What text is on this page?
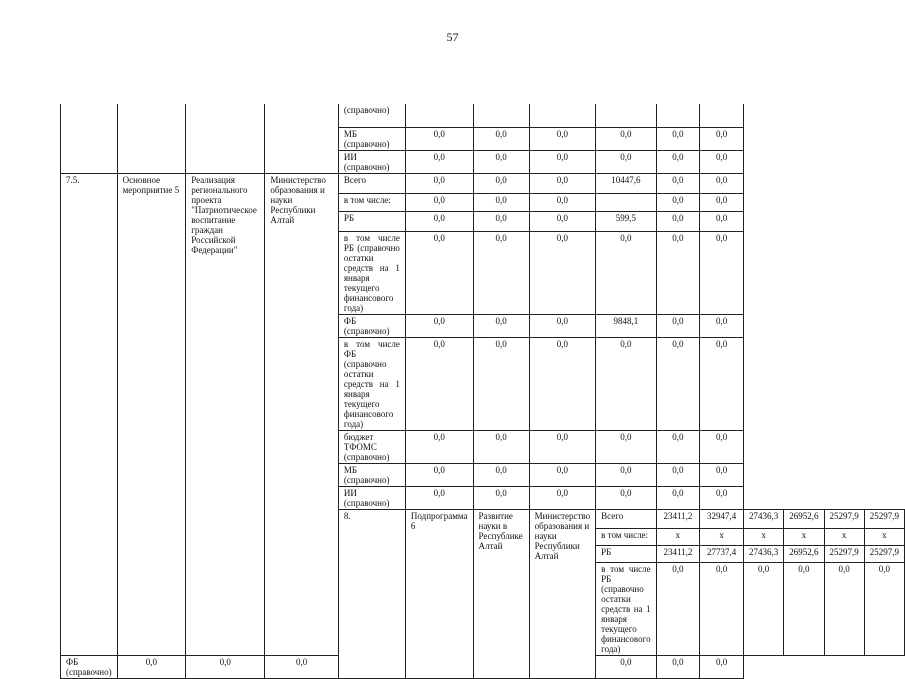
57
				(справочно)										
				МБ (справочно)	0,0	0,0	0,0	0,0	0,0	0,0				
				ИИ (справочно)	0,0	0,0	0,0	0,0	0,0	0,0				
7.5.	Основное мероприятие 5	Реализация регионального проекта "Патриотическое воспитание граждан Российской Федерации"	Министерство образования и науки Республики Алтай	Всего	0,0	0,0	0,0	10447,6	0,0	0,0				
				в том числе:	0,0	0,0	0,0		0,0	0,0				
				РБ	0,0	0,0	0,0	599,5	0,0	0,0				
				в том числе РБ (справочно остатки средств на 1 января текущего финансового года)	0,0	0,0	0,0	0,0	0,0	0,0				
				ФБ (справочно)	0,0	0,0	0,0	9848,1	0,0	0,0				
				в том числе ФБ (справочно остатки средств на 1 января текущего финансового года)	0,0	0,0	0,0	0,0	0,0	0,0				
				бюджет ТФОМС (справочно)	0,0	0,0	0,0	0,0	0,0	0,0				
				МБ (справочно)	0,0	0,0	0,0	0,0	0,0	0,0				
				ИИ (справочно)	0,0	0,0	0,0	0,0	0,0	0,0				
				8.	Подпрограмма 6	Развитие науки в Республике Алтай	Министерство образования и науки Республики Алтай	Всего	23411,2	32947,4	27436,3	26952,6	25297,9	25297,9
								в том числе:	x	x	x	x	x	x
								РБ	23411,2	27737,4	27436,3	26952,6	25297,9	25297,9
								в том числе РБ (справочно остатки средств на 1 января текущего финансового года)	0,0	0,0	0,0	0,0	0,0	0,0
ФБ (справочно)	0,0	0,0	0,0					0,0	0,0	0,0				
